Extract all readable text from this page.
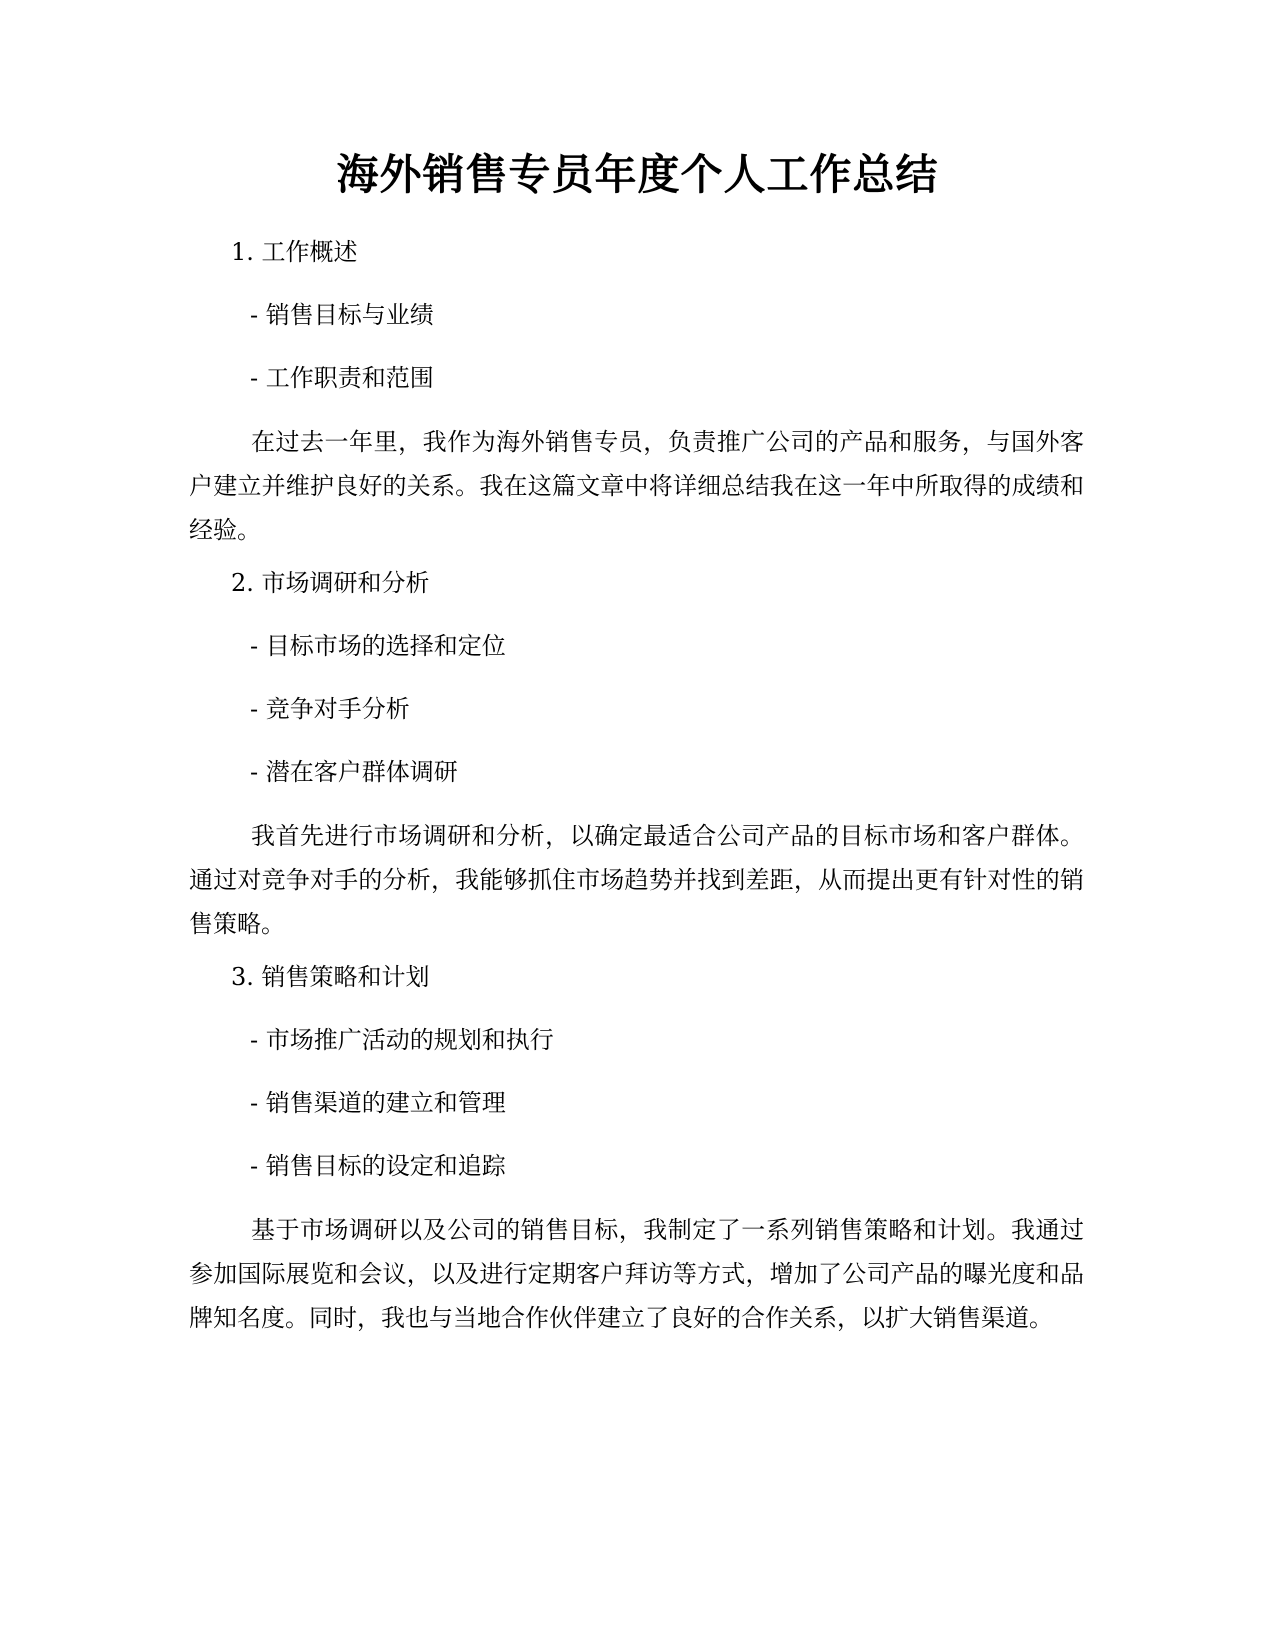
海外销售专员年度个人工作总结
1. 工作概述
- 销售目标与业绩
- 工作职责和范围
在过去一年里，我作为海外销售专员，负责推广公司的产品和服务，与国外客户建立并维护良好的关系。我在这篇文章中将详细总结我在这一年中所取得的成绩和经验。
2. 市场调研和分析
- 目标市场的选择和定位
- 竞争对手分析
- 潜在客户群体调研
我首先进行市场调研和分析，以确定最适合公司产品的目标市场和客户群体。通过对竞争对手的分析，我能够抓住市场趋势并找到差距，从而提出更有针对性的销售策略。
3. 销售策略和计划
- 市场推广活动的规划和执行
- 销售渠道的建立和管理
- 销售目标的设定和追踪
基于市场调研以及公司的销售目标，我制定了一系列销售策略和计划。我通过参加国际展览和会议，以及进行定期客户拜访等方式，增加了公司产品的曝光度和品牌知名度。同时，我也与当地合作伙伴建立了良好的合作关系，以扩大销售渠道。
